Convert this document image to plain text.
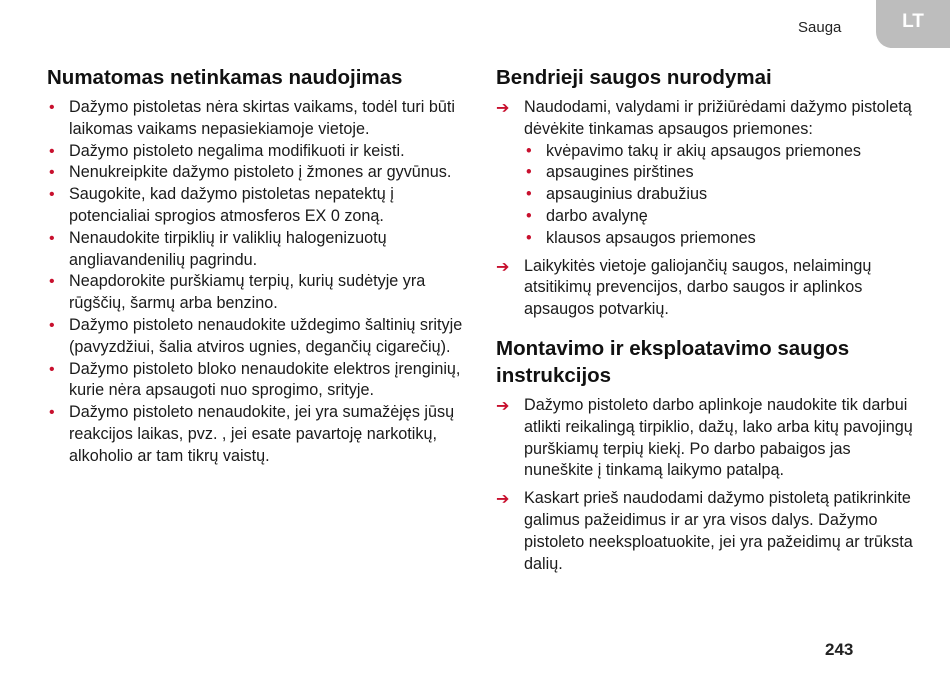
Sauga	LT
Numatomas netinkamas naudojimas
• Dažymo pistoletas nėra skirtas vaikams, todėl turi būti laikomas vaikams nepasiekiamoje vietoje.
• Dažymo pistoleto negalima modifikuoti ir keisti.
• Nenukreipkite dažymo pistoleto į žmones ar gyvūnus.
• Saugokite, kad dažymo pistoletas nepatektų į potencialiai sprogios atmosferos EX 0 zoną.
• Nenaudokite tirpiklių ir valiklių halogenizuotų angliavandenilių pagrindu.
• Neapdorokite purškiamų terpių, kurių sudėtyje yra rūgščių, šarmų arba benzino.
• Dažymo pistoleto nenaudokite uždegimo šaltinių srityje (pavyzdžiui, šalia atviros ugnies, degančių cigarečių).
• Dažymo pistoleto bloko nenaudokite elektros įrenginių, kurie nėra apsaugoti nuo sprogimo, srityje.
• Dažymo pistoleto nenaudokite, jei yra sumažėjęs jūsų reakcijos laikas, pvz. , jei esate pavartoję narkotikų, alkoholio ar tam tikrų vaistų.
Bendrieji saugos nurodymai
➔ Naudodami, valydami ir prižiūrėdami dažymo pistoletą dėvėkite tinkamas apsaugos priemones:
• kvėpavimo takų ir akių apsaugos priemones
• apsaugines pirštines
• apsauginius drabužius
• darbo avalynę
• klausos apsaugos priemones
➔ Laikykitės vietoje galiojančių saugos, nelaimingų atsitikimų prevencijos, darbo saugos ir aplinkos apsaugos potvarkių.
Montavimo ir eksploatavimo saugos instrukcijos
➔ Dažymo pistoleto darbo aplinkoje naudokite tik darbui atlikti reikalingą tirpiklio, dažų, lako arba kitų pavojingų purškiamų terpių kiekį. Po darbo pabaigos jas nuneškite į tinkamą laikymo patalpą.
➔ Kaskart prieš naudodami dažymo pistoletą patikrinkite galimus pažeidimus ir ar yra visos dalys. Dažymo pistoleto neeksploatuokite, jei yra pažeidimų ar trūksta dalių.
243
